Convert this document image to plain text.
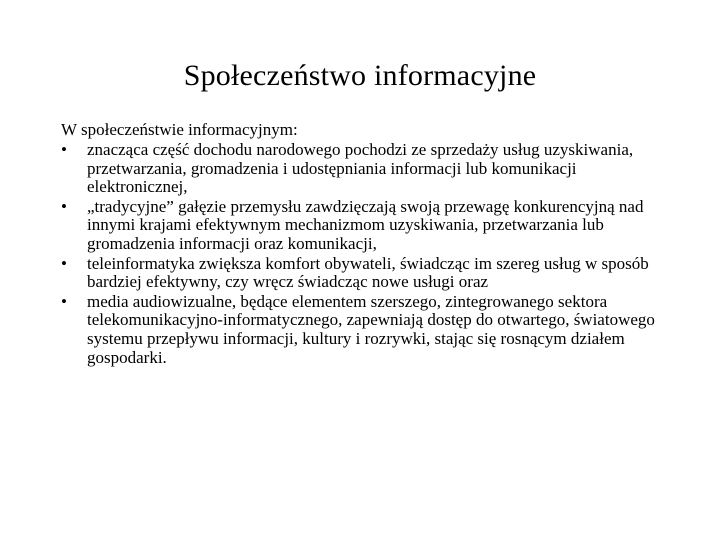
Społeczeństwo informacyjne

W społeczeństwie informacyjnym:

•	znacząca część dochodu narodowego pochodzi ze sprzedaży usług uzyskiwania, przetwarzania, gromadzenia i udostępniania informacji lub komunikacji elektronicznej,
•	„tradycyjne” gałęzie przemysłu zawdzięczają swoją przewagę konkurencyjną nad innymi krajami efektywnym mechanizmom uzyskiwania, przetwarzania lub gromadzenia informacji oraz komunikacji,
•	teleinformatyka zwiększa komfort obywateli, świadcząc im szereg usług w sposób bardziej efektywny, czy wręcz świadcząc nowe usługi oraz
•	media audiowizualne, będące elementem szerszego, zintegrowanego sektora telekomunikacyjno-informatycznego, zapewniają dostęp do otwartego, światowego systemu przepływu informacji, kultury i rozrywki, stając się rosnącym działem gospodarki.
